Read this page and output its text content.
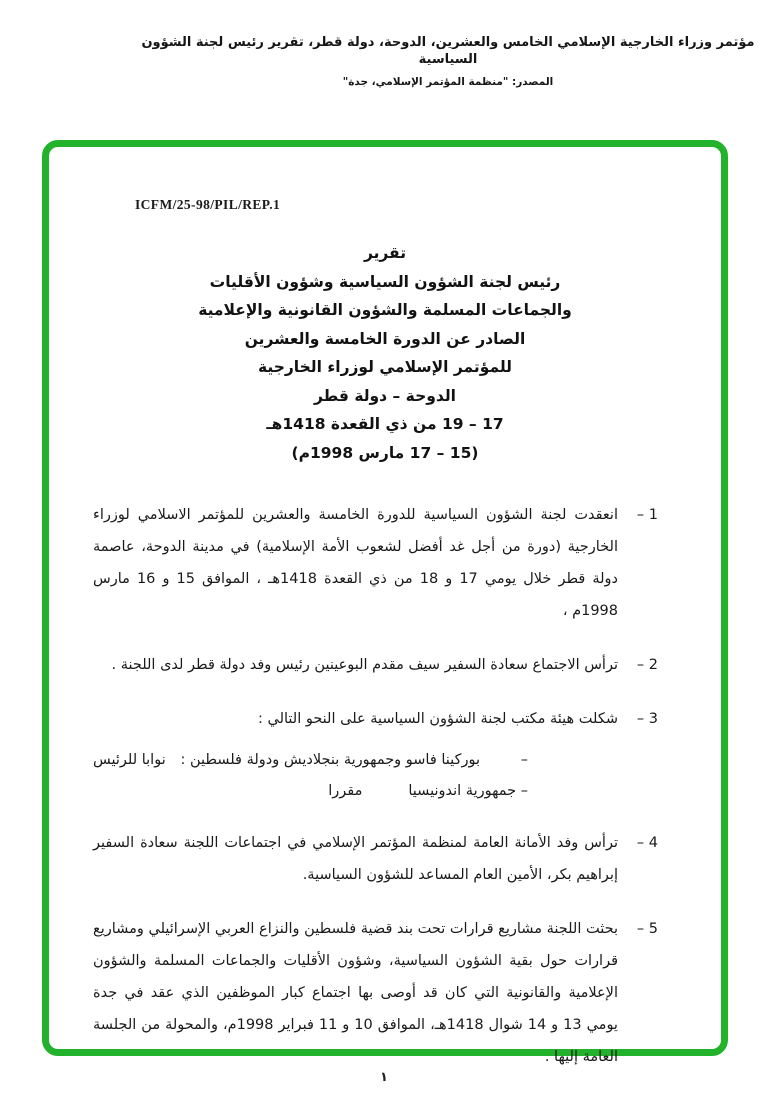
مؤتمر وزراء الخارجية الإسلامي الخامس والعشرين، الدوحة، دولة قطر، تقرير رئيس لجنة الشؤون السياسية
المصدر: "منظمة المؤتمر الإسلامي، جدة"
ICFM/25-98/PIL/REP.1
تقرير
رئيس لجنة الشؤون السياسية وشؤون الأقليات
والجماعات المسلمة والشؤون القانونية والإعلامية
الصادر عن الدورة الخامسة والعشرين
للمؤتمر الإسلامي لوزراء الخارجية
الدوحة – دولة قطر
17 – 19 من ذي القعدة 1418هـ
(15 – 17 مارس 1998م)
1 –
انعقدت لجنة الشؤون السياسية للدورة الخامسة والعشرين للمؤتمر الاسلامي لوزراء الخارجية (دورة من أجل غد أفضل لشعوب الأمة الإسلامية) في مدينة الدوحة، عاصمة دولة قطر خلال يومي 17 و 18 من ذي القعدة 1418هـ ، الموافق 15 و 16 مارس 1998م ،
2 –
ترأس الاجتماع سعادة السفير سيف مقدم البوعينين رئيس وفد دولة قطر لدى اللجنة .
3 –
شكلت هيئة مكتب لجنة الشؤون السياسية على النحو التالي :
–
بوركينا فاسو وجمهورية بنجلاديش ودولة فلسطين :
نوابا للرئيس
– جمهورية اندونيسيا
مقررا
4 –
ترأس وفد الأمانة العامة لمنظمة المؤتمر الإسلامي في اجتماعات اللجنة سعادة السفير إبراهيم بكر، الأمين العام المساعد للشؤون السياسية.
5 –
بحثت اللجنة مشاريع قرارات تحت بند قضية فلسطين والنزاع العربي الإسرائيلي ومشاريع قرارات حول بقية الشؤون السياسية، وشؤون الأقليات والجماعات المسلمة والشؤون الإعلامية والقانونية التي كان قد أوصى بها اجتماع كبار الموظفين الذي عقد في جدة يومي 13 و 14 شوال 1418هـ، الموافق 10 و 11 فبراير 1998م، والمحولة من الجلسة العامة إليها .
١
